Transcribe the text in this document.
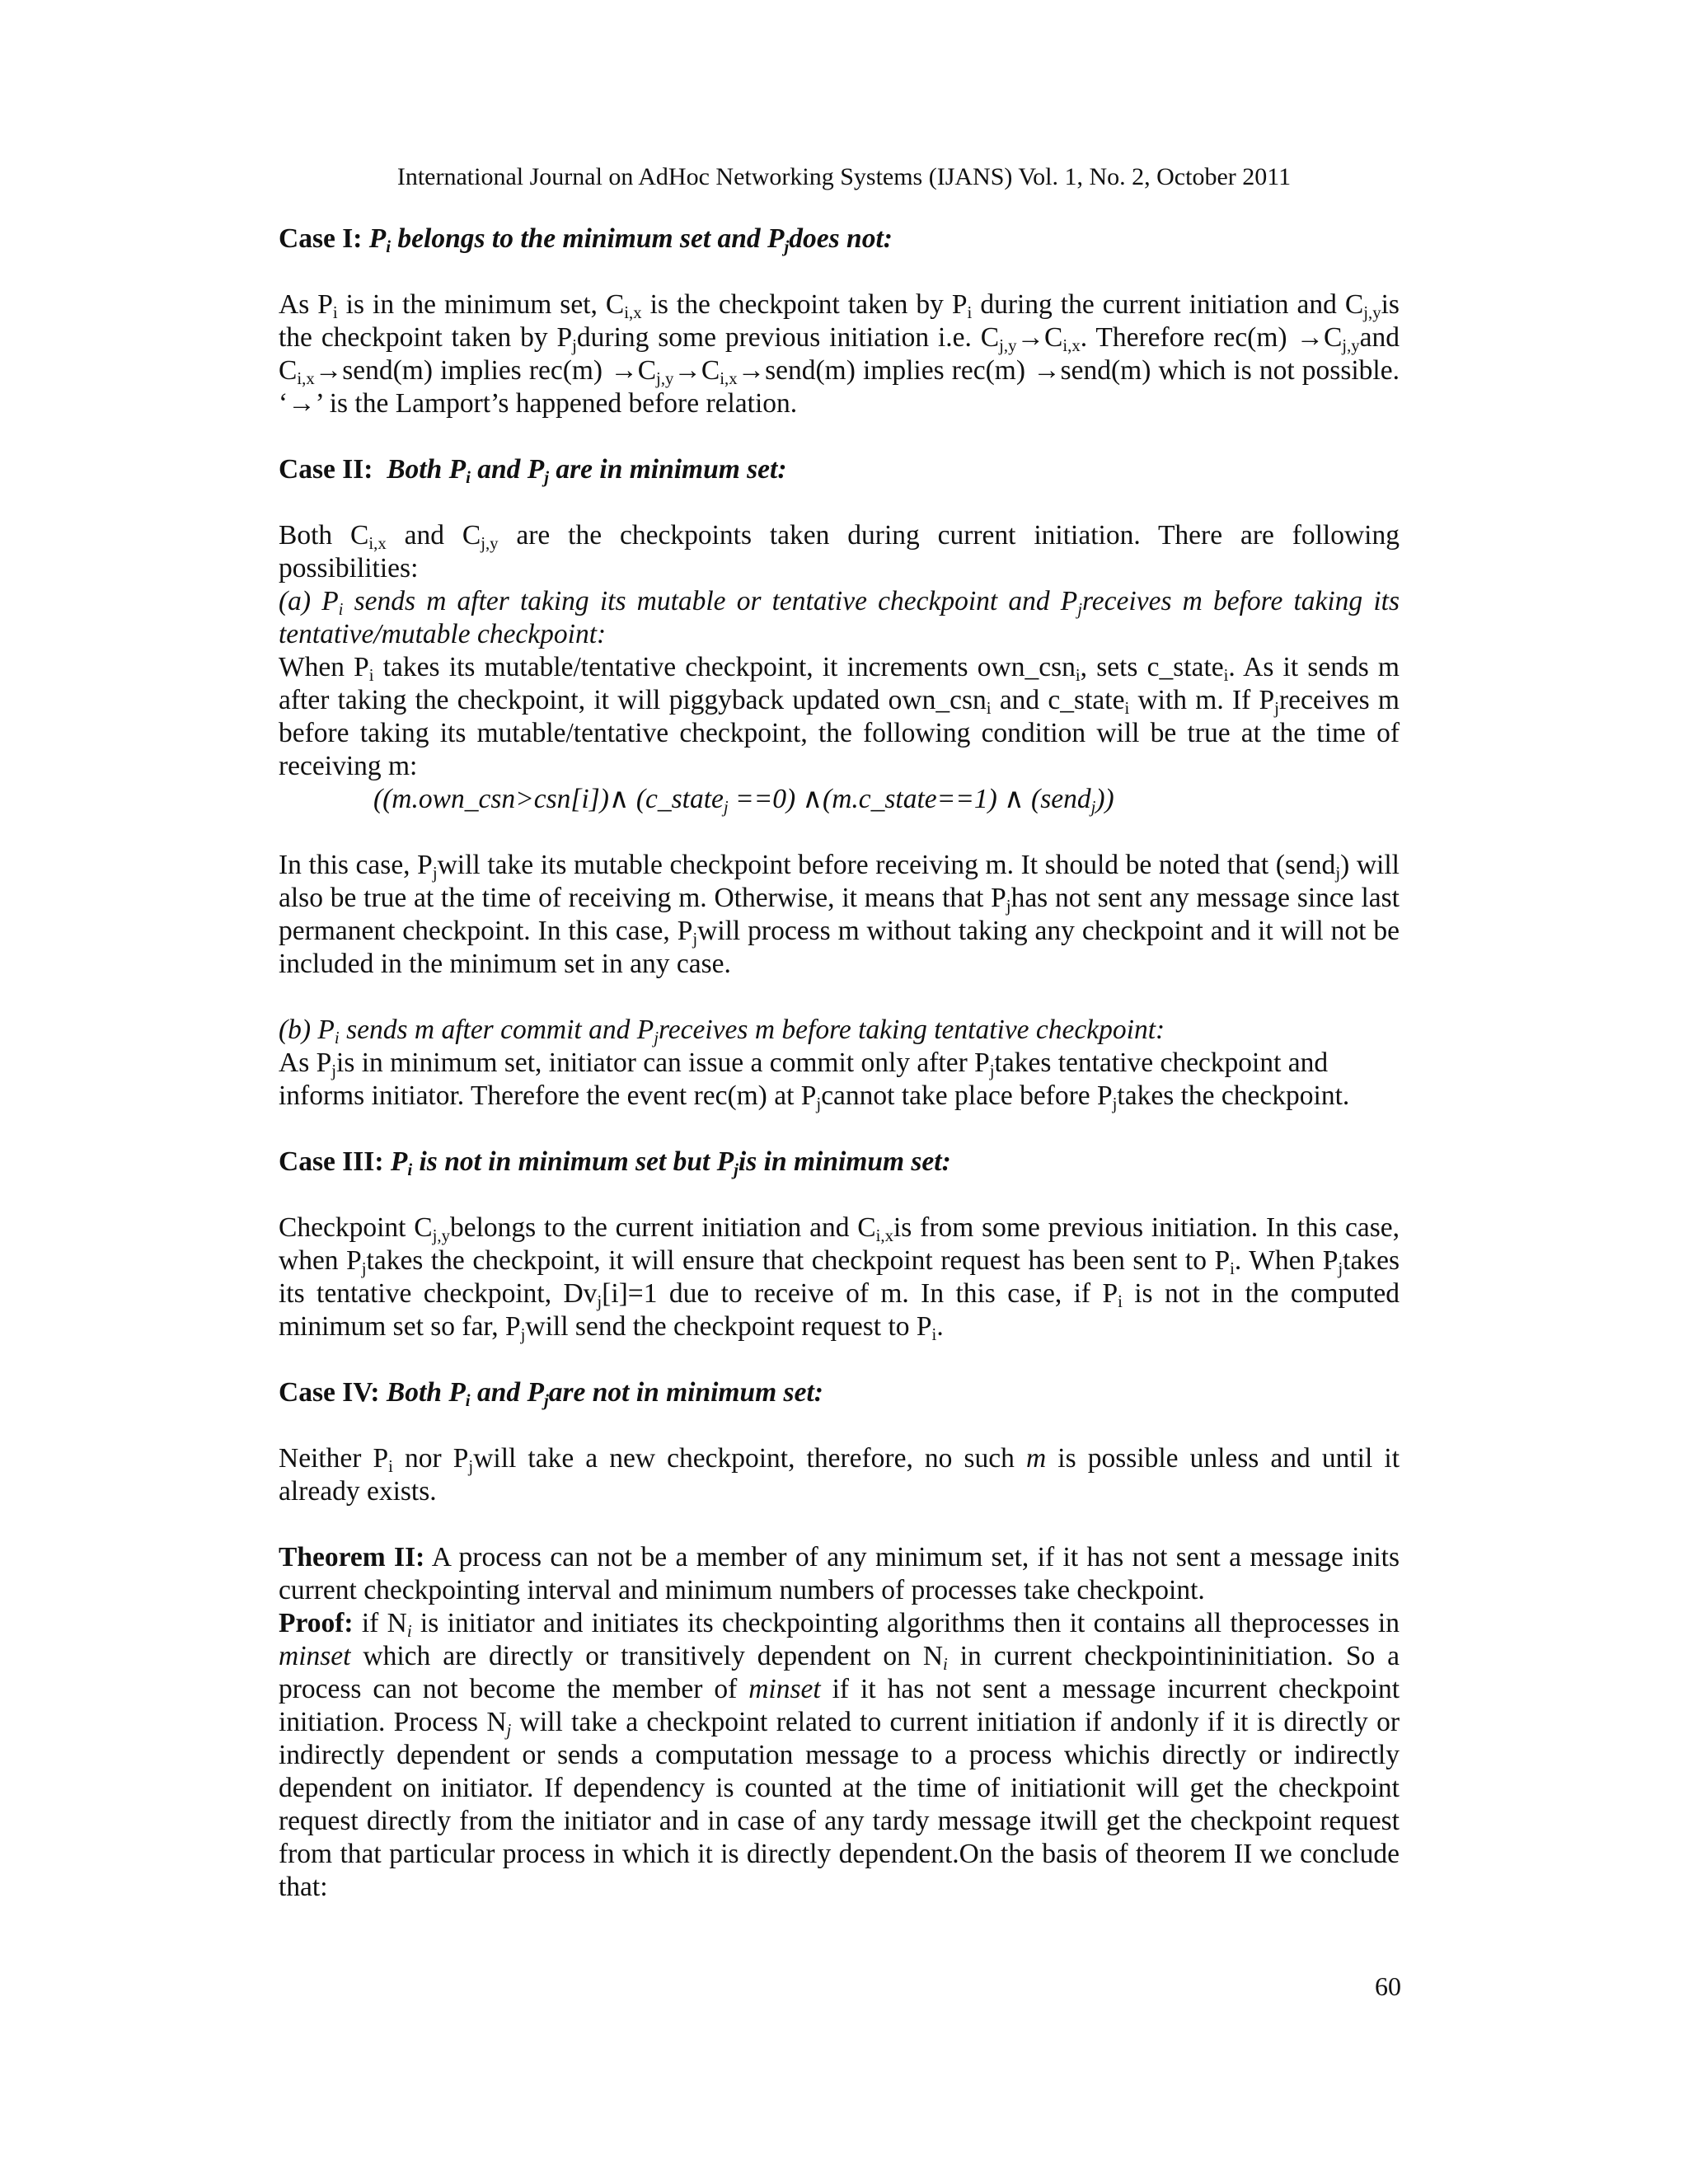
International Journal on AdHoc Networking Systems (IJANS) Vol. 1, No. 2, October 2011

Case I: $P_i$ belongs to the minimum set and $P_jdoes$ not:

As $P_i$ is in the minimum set, $C_{i,x}$ is the checkpoint taken by $P_i$ during the current initiation and $C_{j,y}is$ the checkpoint taken by $P_jduring$ some previous initiation i.e. $C_{j,y}\to C_{i,x}$. Therefore $rec(m) \to C_{j,y}and$ $C_{i,x}\to send(m)$ implies $rec(m) \to C_{j,y}\to C_{i,x}\to send(m)$ implies rec(m) →send(m) which is not possible. ‘→’ is the Lamport’s happened before relation.

Case II: Both $P_i$ and $P_j$ are in minimum set:

Both $C_{i,x}$ and $C_{j,y}$ are the checkpoints taken during current initiation. There are following possibilities:

(a) $P_i$ sends m after taking its mutable or tentative checkpoint and $P_jreceives$ m before taking its tentative/mutable checkpoint:

When $P_i$ takes its mutable/tentative checkpoint, it increments own_csn$_i$, sets c_state$_i$. As it sends m after taking the checkpoint, it will piggyback updated own_csn$_i$ and c_state$_i$ with m. If $P_jreceives$ m before taking its mutable/tentative checkpoint, the following condition will be true at the time of receiving m:

((m.own_csn>csn[i])∧ (c_state$_j$ ==0) ∧(m.c_state==1) ∧ (send$_j$))

In this case, $P_jwill$ take its mutable checkpoint before receiving m. It should be noted that (send$_j$) will also be true at the time of receiving m. Otherwise, it means that $P_jhas$ not sent any message since last permanent checkpoint. In this case, $P_jwill$ process m without taking any checkpoint and it will not be included in the minimum set in any case.

(b) $P_i$ sends m after commit and $P_jreceives$ m before taking tentative checkpoint:

As $P_jis$ in minimum set, initiator can issue a commit only after $P_jtakes$ tentative checkpoint and informs initiator. Therefore the event rec(m) at $P_jcannot$ take place before $P_jtakes$ the checkpoint.

Case III: $P_i$ is not in minimum set but $P_jis$ in minimum set:

Checkpoint $C_{j,y}belongs$ to the current initiation and $C_{i,x}is$ from some previous initiation. In this case, when $P_jtakes$ the checkpoint, it will ensure that checkpoint request has been sent to $P_i$. When $P_jtakes$ its tentative checkpoint, $Dv_j[i]=1$ due to receive of m. In this case, if $P_i$ is not in the computed minimum set so far, $P_jwill$ send the checkpoint request to $P_i$.

Case IV: Both $P_i$ and $P_jare$ not in minimum set:

Neither $P_i$ nor $P_jwill$ take a new checkpoint, therefore, no such m is possible unless and until it already exists.

Theorem II: A process can not be a member of any minimum set, if it has not sent a message inits current checkpointing interval and minimum numbers of processes take checkpoint.

Proof: if $N_i$ is initiator and initiates its checkpointing algorithms then it contains all theprocesses in minset which are directly or transitively dependent on $N_i$ in current checkpointininitiation. So a process can not become the member of minset if it has not sent a message incurrent checkpoint initiation. Process $N_j$ will take a checkpoint related to current initiation if andonly if it is directly or indirectly dependent or sends a computation message to a process whichis directly or indirectly dependent on initiator. If dependency is counted at the time of initiationit will get the checkpoint request directly from the initiator and in case of any tardy message itwill get the checkpoint request from that particular process in which it is directly dependent.On the basis of theorem II we conclude that:

60
